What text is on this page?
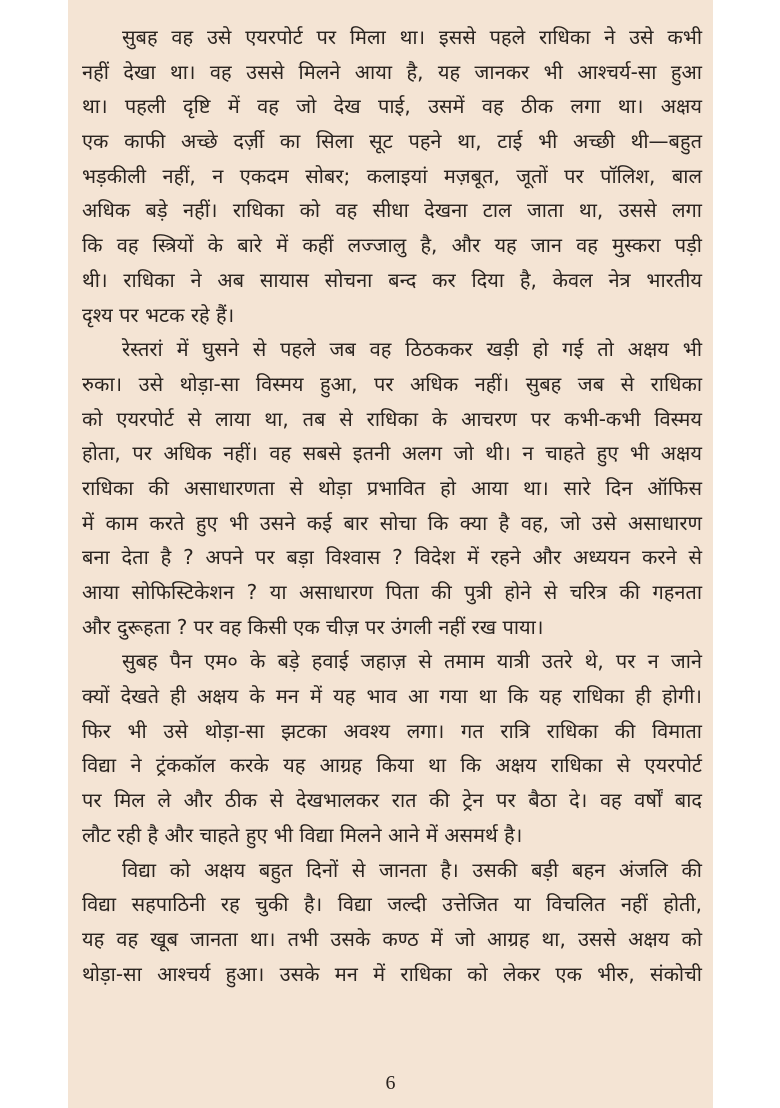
सुबह वह उसे एयरपोर्ट पर मिला था। इससे पहले राधिका ने उसे कभी
नहीं देखा था। वह उससे मिलने आया है, यह जानकर भी आश्चर्य-सा हुआ
था। पहली दृष्टि में वह जो देख पाई, उसमें वह ठीक लगा था। अक्षय
एक काफी अच्छे दर्ज़ी का सिला सूट पहने था, टाई भी अच्छी थी—बहुत
भड़कीली नहीं, न एकदम सोबर; कलाइयां मज़बूत, जूतों पर पॉलिश, बाल
अधिक बड़े नहीं। राधिका को वह सीधा देखना टाल जाता था, उससे लगा
कि वह स्त्रियों के बारे में कहीं लज्जालु है, और यह जान वह मुस्करा पड़ी
थी। राधिका ने अब सायास सोचना बन्द कर दिया है, केवल नेत्र भारतीय
दृश्य पर भटक रहे हैं।
रेस्तरां में घुसने से पहले जब वह ठिठककर खड़ी हो गई तो अक्षय भी
रुका। उसे थोड़ा-सा विस्मय हुआ, पर अधिक नहीं। सुबह जब से राधिका
को एयरपोर्ट से लाया था, तब से राधिका के आचरण पर कभी-कभी विस्मय
होता, पर अधिक नहीं। वह सबसे इतनी अलग जो थी। न चाहते हुए भी अक्षय
राधिका की असाधारणता से थोड़ा प्रभावित हो आया था। सारे दिन ऑफिस
में काम करते हुए भी उसने कई बार सोचा कि क्या है वह, जो उसे असाधारण
बना देता है ? अपने पर बड़ा विश्वास ? विदेश में रहने और अध्ययन करने से
आया सोफिस्टिकेशन ? या असाधारण पिता की पुत्री होने से चरित्र की गहनता
और दुरूहता ? पर वह किसी एक चीज़ पर उंगली नहीं रख पाया।
सुबह पैन एम० के बड़े हवाई जहाज़ से तमाम यात्री उतरे थे, पर न जाने
क्यों देखते ही अक्षय के मन में यह भाव आ गया था कि यह राधिका ही होगी।
फिर भी उसे थोड़ा-सा झटका अवश्य लगा। गत रात्रि राधिका की विमाता
विद्या ने ट्रंककॉल करके यह आग्रह किया था कि अक्षय राधिका से एयरपोर्ट
पर मिल ले और ठीक से देखभालकर रात की ट्रेन पर बैठा दे। वह वर्षों बाद
लौट रही है और चाहते हुए भी विद्या मिलने आने में असमर्थ है।
विद्या को अक्षय बहुत दिनों से जानता है। उसकी बड़ी बहन अंजलि की
विद्या सहपाठिनी रह चुकी है। विद्या जल्दी उत्तेजित या विचलित नहीं होती,
यह वह खूब जानता था। तभी उसके कण्ठ में जो आग्रह था, उससे अक्षय को
थोड़ा-सा आश्चर्य हुआ। उसके मन में राधिका को लेकर एक भीरु, संकोची
6
